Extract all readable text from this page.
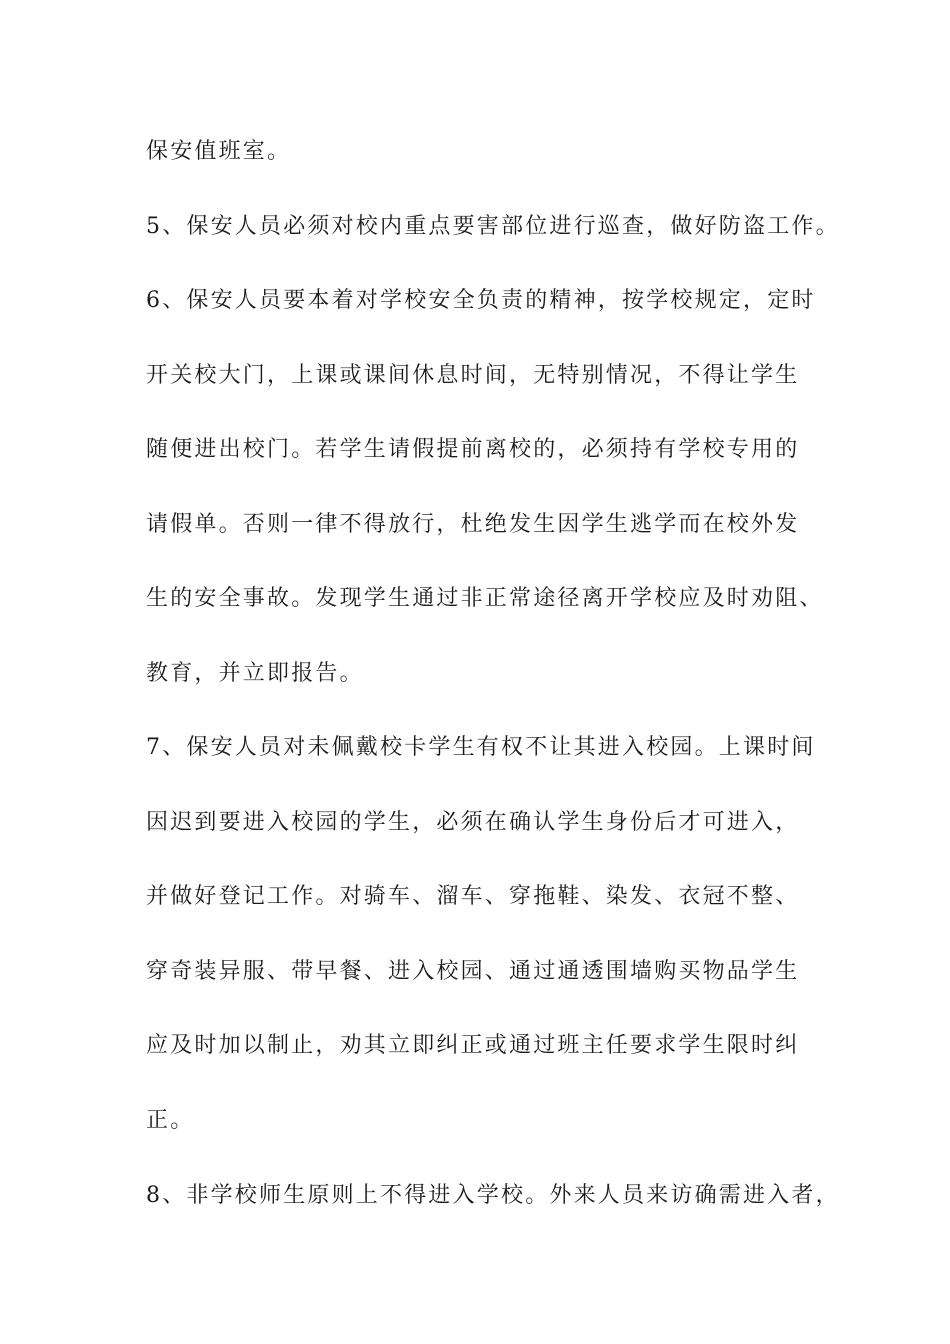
保安值班室。

5、保安人员必须对校内重点要害部位进行巡查，做好防盗工作。

6、保安人员要本着对学校安全负责的精神，按学校规定，定时

开关校大门，上课或课间休息时间，无特别情况，不得让学生

随便进出校门。若学生请假提前离校的，必须持有学校专用的

请假单。否则一律不得放行，杜绝发生因学生逃学而在校外发

生的安全事故。发现学生通过非正常途径离开学校应及时劝阻、

教育，并立即报告。

7、保安人员对未佩戴校卡学生有权不让其进入校园。上课时间

因迟到要进入校园的学生，必须在确认学生身份后才可进入，

并做好登记工作。对骑车、溜车、穿拖鞋、染发、衣冠不整、

穿奇装异服、带早餐、进入校园、通过通透围墙购买物品学生

应及时加以制止，劝其立即纠正或通过班主任要求学生限时纠

正。

8、非学校师生原则上不得进入学校。外来人员来访确需进入者，
